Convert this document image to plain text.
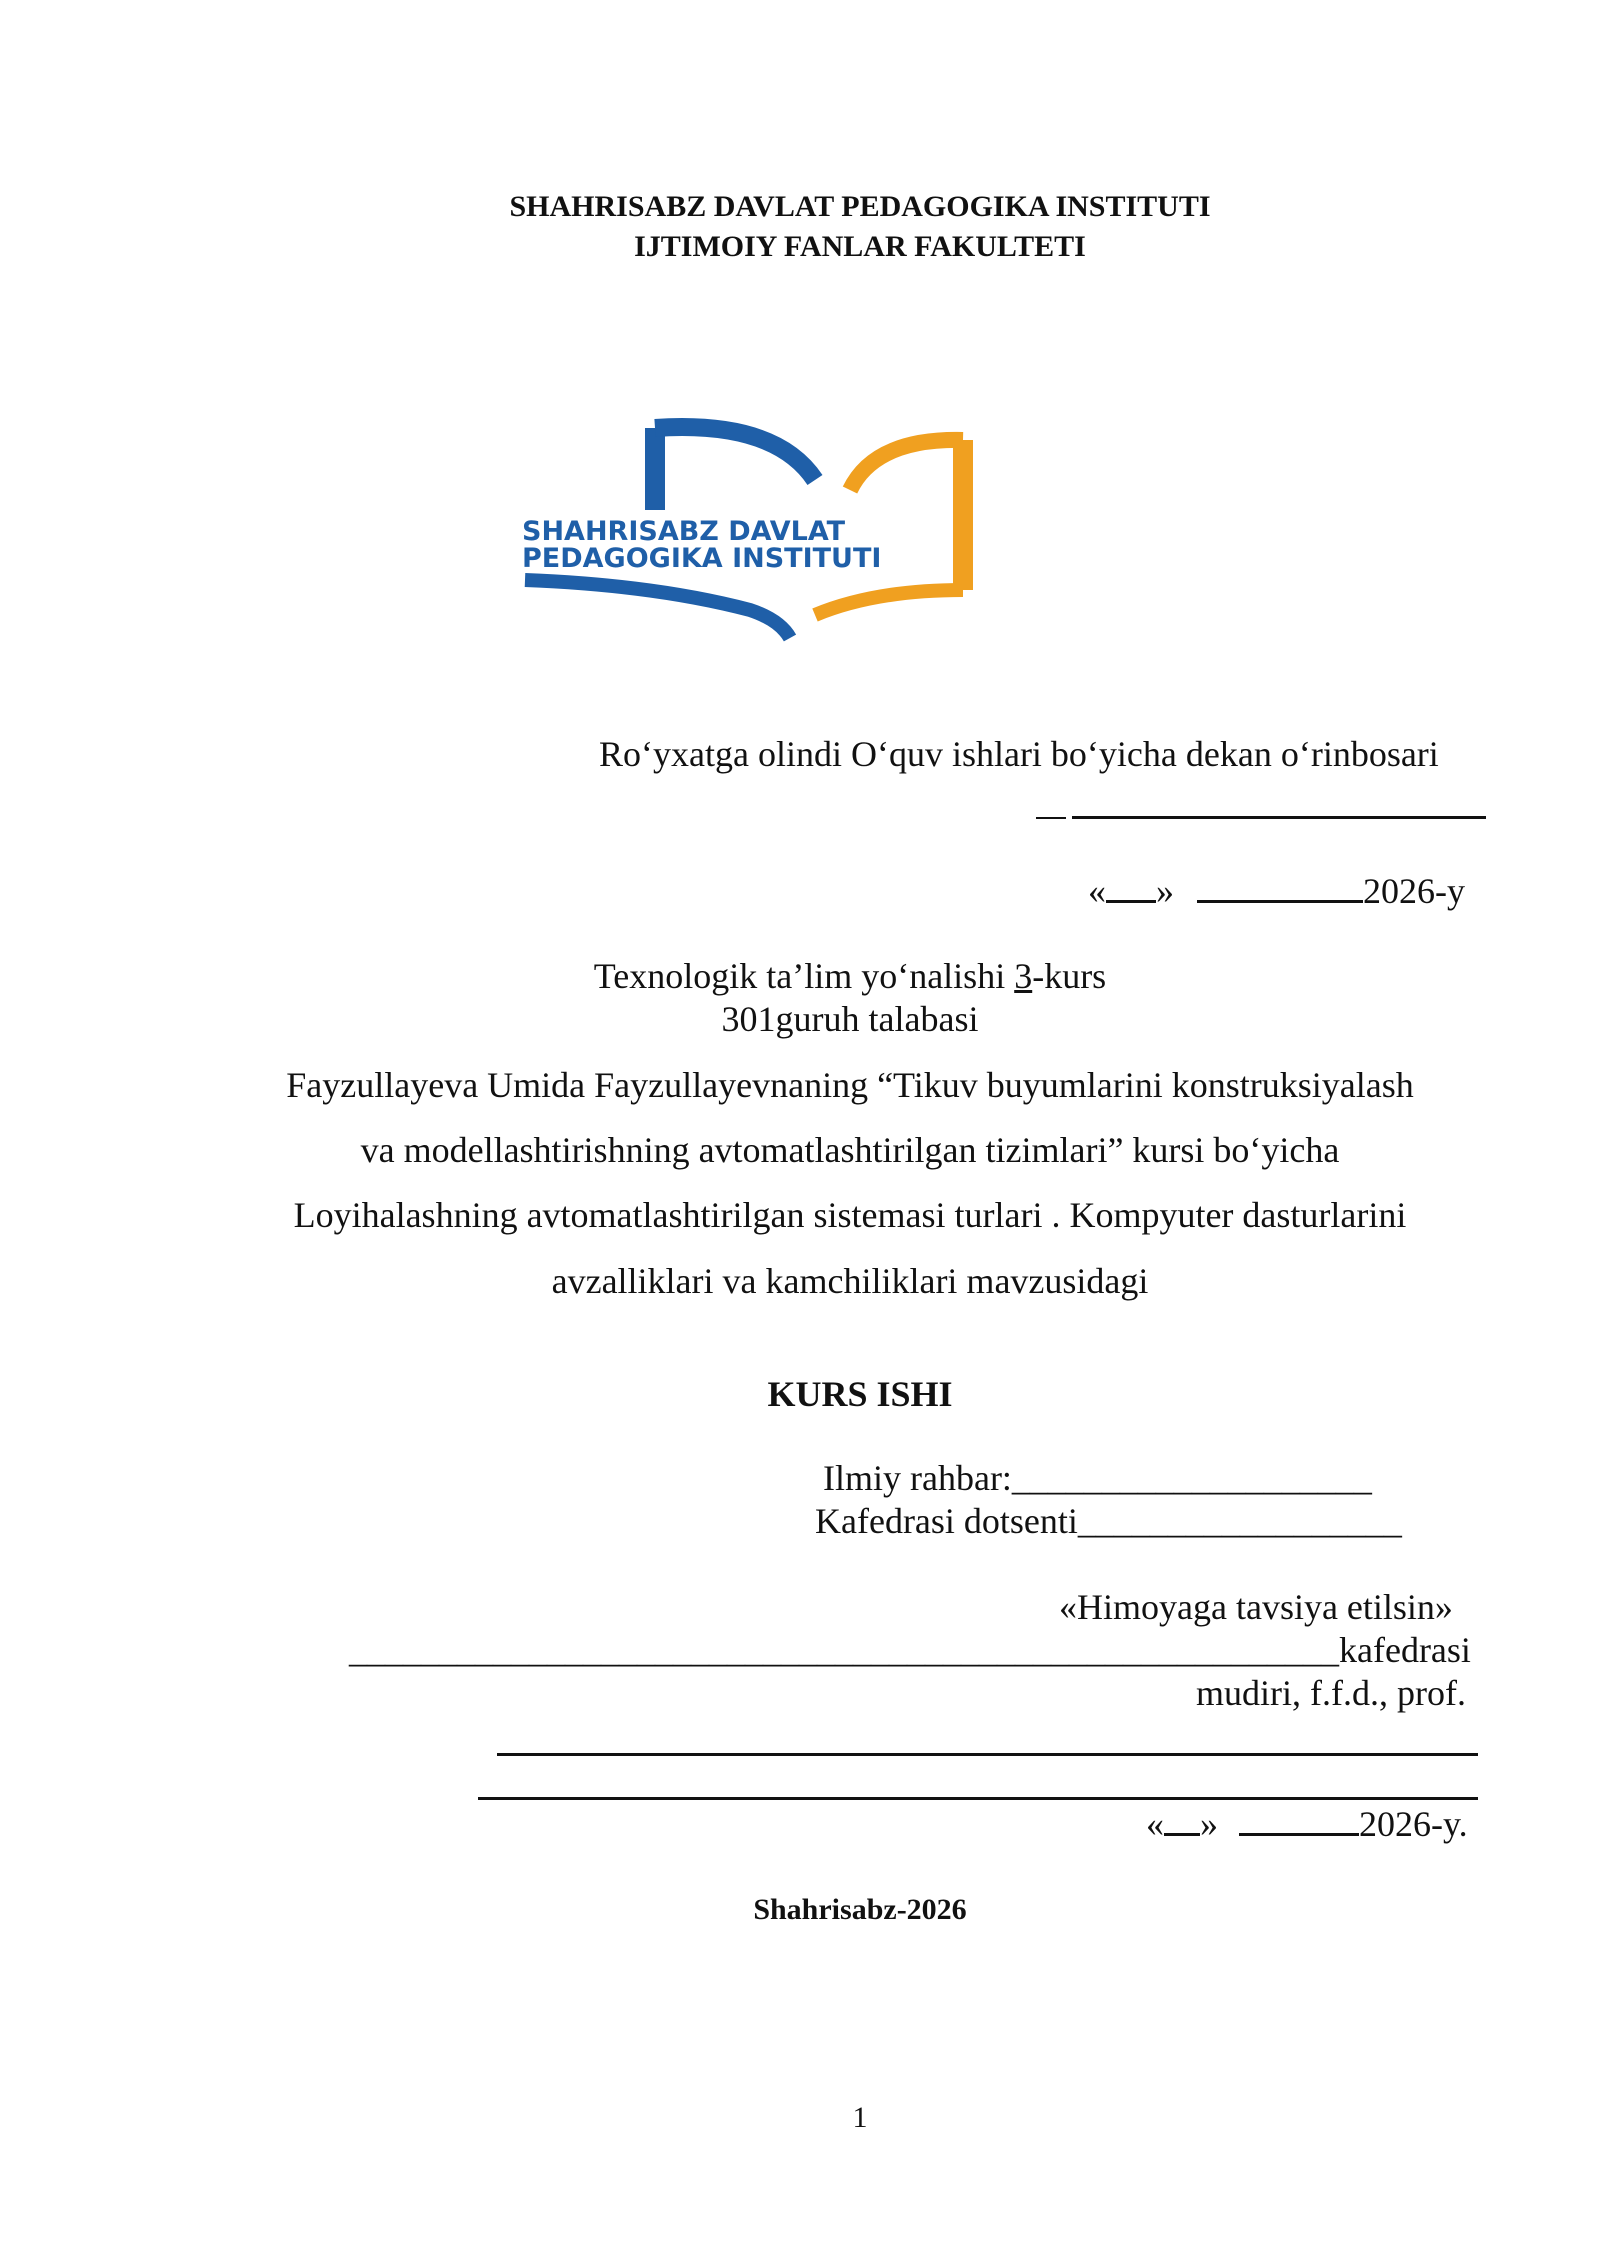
SHAHRISABZ DAVLAT PEDAGOGIKA INSTITUTI
IJTIMOIY FANLAR FAKULTETI
SHAHRISABZ DAVLAT
PEDAGOGIKA INSTITUTI
Ro‘yxatga olindi O‘quv ishlari bo‘yicha dekan o‘rinbosari
« »	2026-y
Texnologik ta’lim yo‘nalishi 3-kurs
301guruh talabasi
Fayzullayeva Umida Fayzullayevnaning “Tikuv buyumlarini konstruksiyalash
va modellashtirishning avtomatlashtirilgan tizimlari” kursi bo‘yicha
Loyihalashning avtomatlashtirilgan sistemasi turlari . Kompyuter dasturlarini
avzalliklari va kamchiliklari mavzusidagi
KURS ISHI
Ilmiy rahbar:____________________
Kafedrasi dotsenti__________________
«Himoyaga tavsiya etilsin»
_______________________________________________________kafedrasi
mudiri, f.f.d., prof.
« »	2026-y.
Shahrisabz-2026
1
